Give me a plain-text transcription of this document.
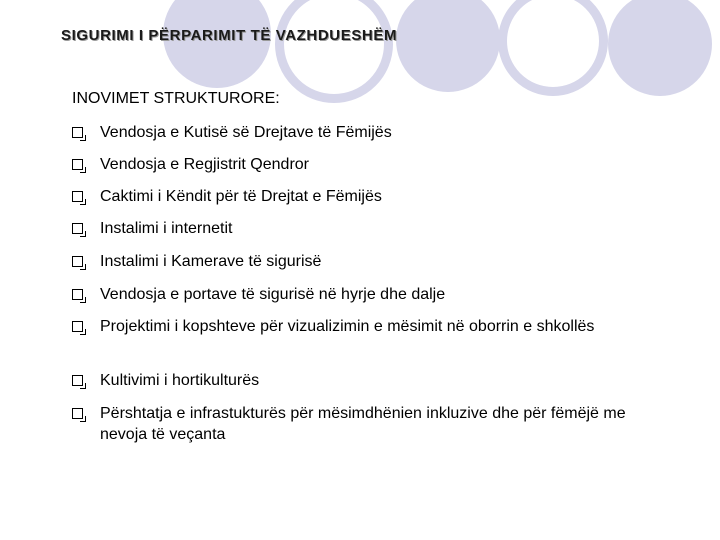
SIGURIMI I PËRPARIMIT TË VAZHDUESHËM
INOVIMET STRUKTURORE:
Vendosja e Kutisë së Drejtave të Fëmijës
Vendosja e Regjistrit Qendror
Caktimi i Këndit për të Drejtat e Fëmijës
Instalimi i internetit
Instalimi i Kamerave të sigurisë
Vendosja e portave të sigurisë në hyrje dhe dalje
Projektimi i kopshteve për vizualizimin e mësimit në oborrin e shkollës
Kultivimi i hortikulturës
Përshtatja e infrastukturës për mësimdhënien inkluzive dhe për fëmëjë me nevoja të veçanta
